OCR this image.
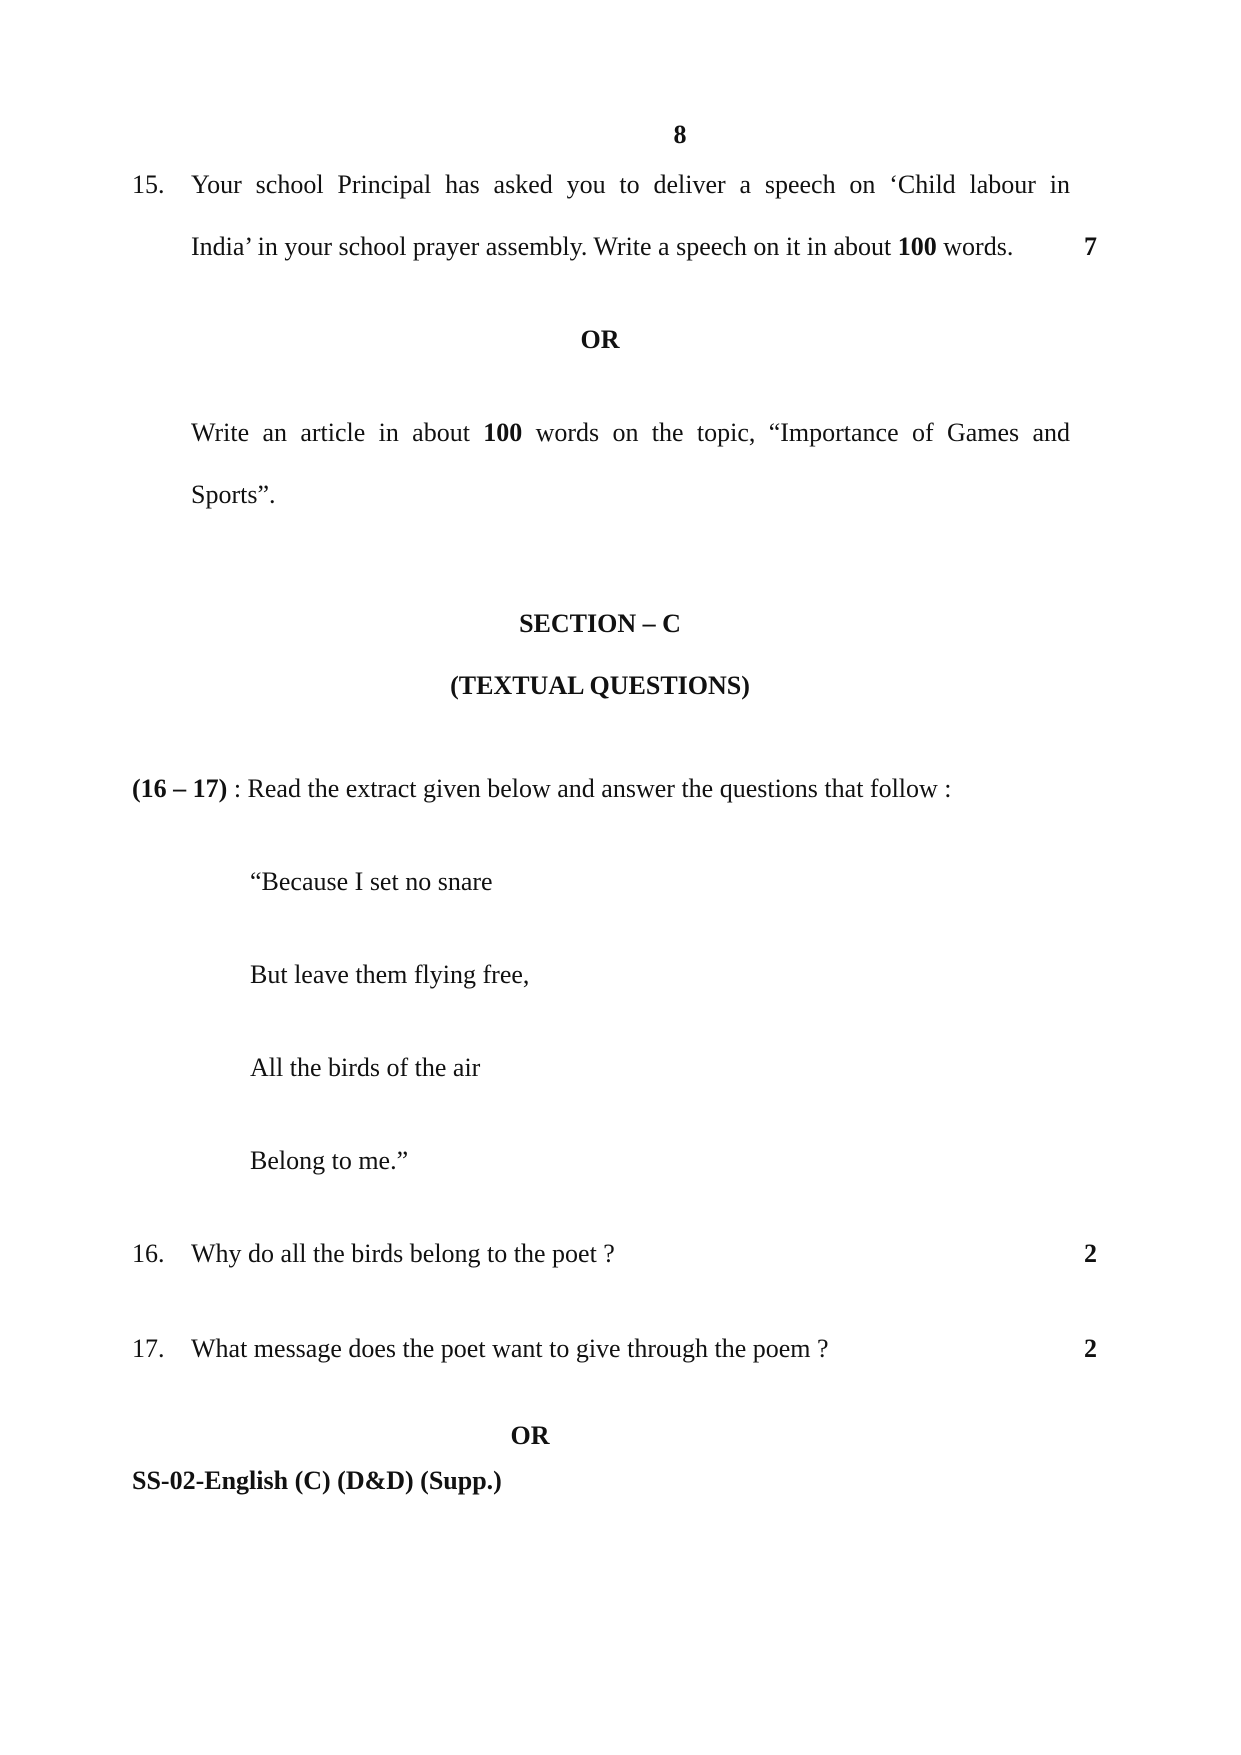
8
15. Your school Principal has asked you to deliver a speech on ‘Child labour in
India’ in your school prayer assembly. Write a speech on it in about 100 words.	7
OR
Write an article in about 100 words on the topic, “Importance of Games and
Sports”.
SECTION – C
(TEXTUAL QUESTIONS)
(16 – 17) : Read the extract given below and answer the questions that follow :
“Because I set no snare
But leave them flying free,
All the birds of the air
Belong to me.”
16. Why do all the birds belong to the poet ?	2
17. What message does the poet want to give through the poem ?	2
OR
SS-02-English (C) (D&D) (Supp.)
